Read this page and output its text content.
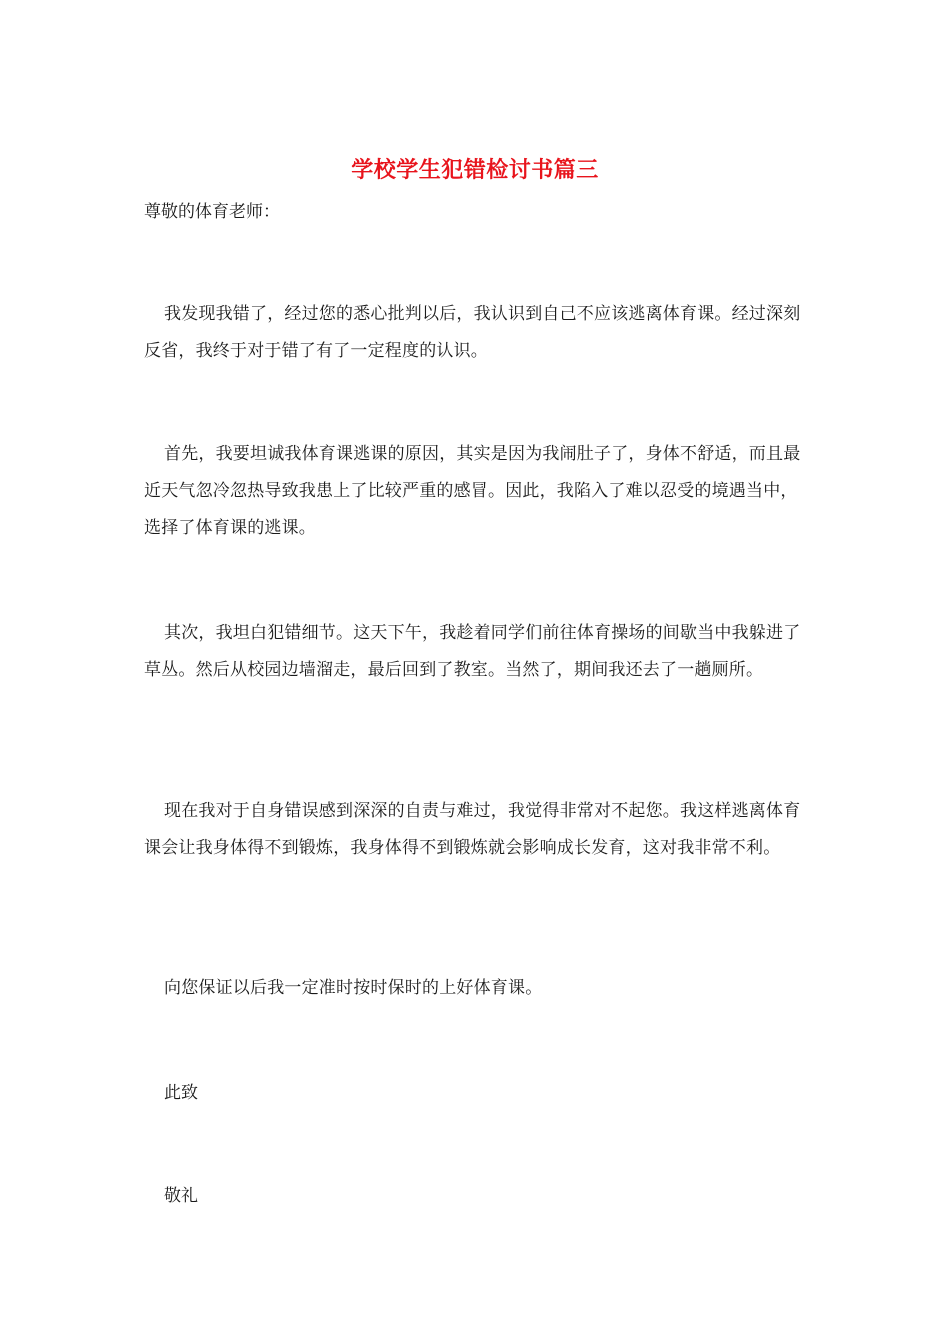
学校学生犯错检讨书篇三
尊敬的体育老师：

我发现我错了，经过您的悉心批判以后，我认识到自己不应该逃离体育课。经过深刻反省，我终于对于错了有了一定程度的认识。

首先，我要坦诚我体育课逃课的原因，其实是因为我闹肚子了，身体不舒适，而且最近天气忽冷忽热导致我患上了比较严重的感冒。因此，我陷入了难以忍受的境遇当中，选择了体育课的逃课。

其次，我坦白犯错细节。这天下午，我趁着同学们前往体育操场的间歇当中我躲进了草丛。然后从校园边墙溜走，最后回到了教室。当然了，期间我还去了一趟厕所。

现在我对于自身错误感到深深的自责与难过，我觉得非常对不起您。我这样逃离体育课会让我身体得不到锻炼，我身体得不到锻炼就会影响成长发育，这对我非常不利。

向您保证以后我一定准时按时保时的上好体育课。

此致
敬礼
